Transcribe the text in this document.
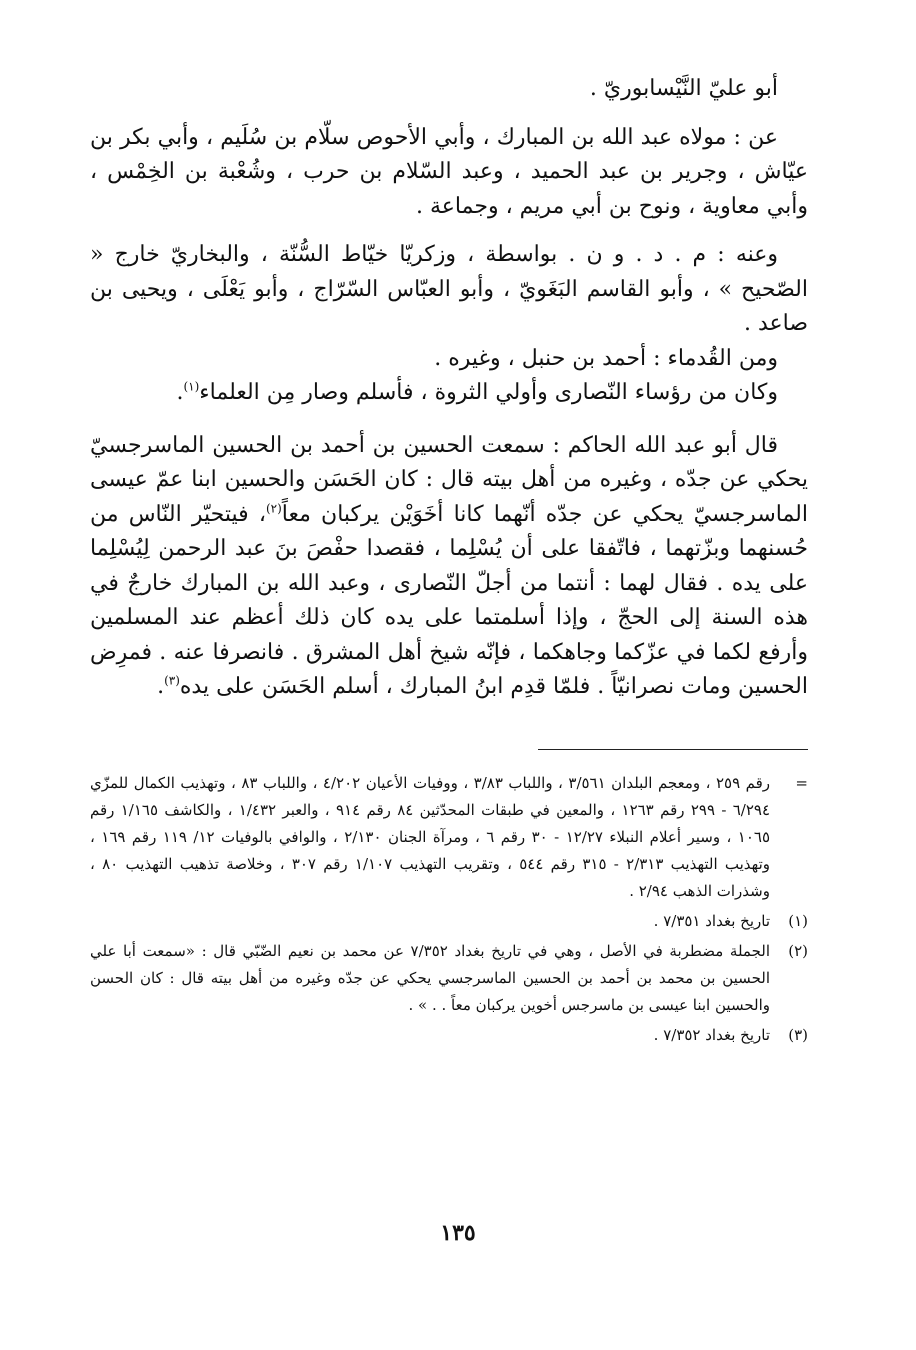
أبو عليّ النَّيْسابوريّ .

عن : مولاه عبد الله بن المبارك ، وأبي الأحوص سلّام بن سُلَيم ، وأبي بكر بن عيّاش ، وجرير بن عبد الحميد ، وعبد السّلام بن حرب ، وشُعْبة بن الخِمْس ، وأبي معاوية ، ونوح بن أبي مريم ، وجماعة .

وعنه : م . د . و ن . بواسطة ، وزكريّا خيّاط السُّنّة ، والبخاريّ خارج « الصّحيح » ، وأبو القاسم البَغَويّ ، وأبو العبّاس السّرّاج ، وأبو يَعْلَى ، ويحيى بن صاعد .

ومن القُدماء : أحمد بن حنبل ، وغيره .

وكان من رؤساء النّصارى وأولي الثروة ، فأسلم وصار مِن العلماء$^{(١)}$.

قال أبو عبد الله الحاكم : سمعت الحسين بن أحمد بن الحسين الماسرجسيّ يحكي عن جدّه ، وغيره من أهل بيته قال : كان الحَسَن والحسين ابنا عمّ عيسى الماسرجسيّ يحكي عن جدّه أنّهما كانا أخَوَيْن يركبان معاً$^{(٢)}$، فيتحيّر النّاس من حُسنهما وبزّتهما ، فاتّفقا على أن يُسْلِما ، فقصدا حفْصَ بنَ عبد الرحمن لِيُسْلِما على يده . فقال لهما : أنتما من أجلّ النّصارى ، وعبد الله بن المبارك خارجٌ في هذه السنة إلى الحجّ ، وإذا أسلمتما على يده كان ذلك أعظم عند المسلمين وأرفع لكما في عزّكما وجاهكما ، فإنّه شيخ أهل المشرق . فانصرفا عنه . فمرِض الحسين ومات نصرانيّاً . فلمّا قدِم ابنُ المبارك ، أسلم الحَسَن على يده$^{(٣)}$.

=
رقم ٢٥٩ ، ومعجم البلدان ٣/٥٦١ ، واللباب ٣/٨٣ ، ووفيات الأعيان ٤/٢٠٢ ، واللباب ٨٣ ، وتهذيب الكمال للمزّي ٦/٢٩٤ - ٢٩٩ رقم ١٢٦٣ ، والمعين في طبقات المحدّثين ٨٤ رقم ٩١٤ ، والعبر ١/٤٣٢ ، والكاشف ١/١٦٥ رقم ١٠٦٥ ، وسير أعلام النبلاء ١٢/٢٧ - ٣٠ رقم ٦ ، ومرآة الجنان ٢/١٣٠ ، والوافي بالوفيات ١٢/ ١١٩ رقم ١٦٩ ، وتهذيب التهذيب ٢/٣١٣ - ٣١٥ رقم ٥٤٤ ، وتقريب التهذيب ١/١٠٧ رقم ٣٠٧ ، وخلاصة تذهيب التهذيب ٨٠ ، وشذرات الذهب ٢/٩٤ .
(١)
تاريخ بغداد ٧/٣٥١ .
(٢)
الجملة مضطربة في الأصل ، وهي في تاريخ بغداد ٧/٣٥٢ عن محمد بن نعيم الضّبّي قال : «سمعت أبا علي الحسين بن محمد بن أحمد بن الحسين الماسرجسي يحكي عن جدّه وغيره من أهل بيته قال : كان الحسن والحسين ابنا عيسى بن ماسرجس أخوين يركبان معاً . . » .
(٣)
تاريخ بغداد ٧/٣٥٢ .
١٣٥
